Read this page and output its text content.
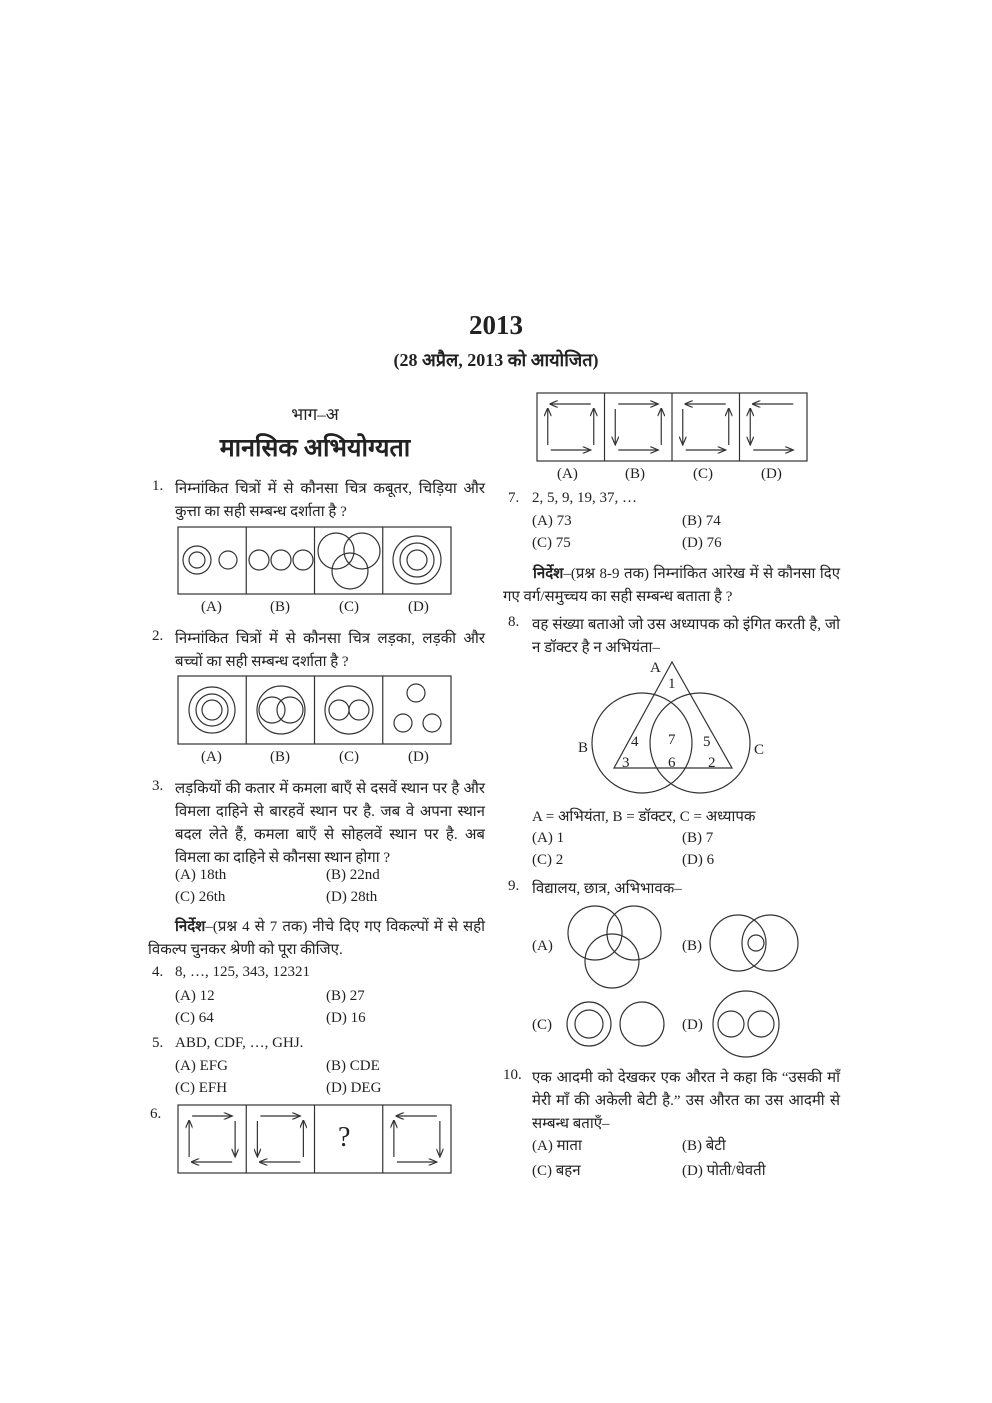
2013
(28 अप्रैल, 2013 को आयोजित)
भाग–अ
मानसिक अभियोग्यता
1. निम्नांकित चित्रों में से कौनसा चित्र कबूतर, चिड़िया और कुत्ता का सही सम्बन्ध दर्शाता है ?
(A)	(B)	(C)	(D)
2. निम्नांकित चित्रों में से कौनसा चित्र लड़का, लड़की और बच्चों का सही सम्बन्ध दर्शाता है ?
(A)	(B)	(C)	(D)
3. लड़कियों की कतार में कमला बाएँ से दसवें स्थान पर है और विमला दाहिने से बारहवें स्थान पर है. जब वे अपना स्थान बदल लेते हैं, कमला बाएँ से सोहलवें स्थान पर है. अब विमला का दाहिने से कौनसा स्थान होगा ?
(A) 18th	(B) 22nd
(C) 26th	(D) 28th
निर्देश–(प्रश्न 4 से 7 तक) नीचे दिए गए विकल्पों में से सही विकल्प चुनकर श्रेणी को पूरा कीजिए.
4. 8, …, 125, 343, 12321
(A) 12	(B) 27
(C) 64	(D) 16
5. ABD, CDF, …, GHJ.
(A) EFG	(B) CDE
(C) EFH	(D) DEG
6.
?
(A)	(B)	(C)	(D)
7. 2, 5, 9, 19, 37, …
(A) 73	(B) 74
(C) 75	(D) 76
निर्देश–(प्रश्न 8-9 तक) निम्नांकित आरेख में से कौनसा दिए गए वर्ग/समुच्चय का सही सम्बन्ध बताता है ?
8. वह संख्या बताओ जो उस अध्यापक को इंगित करती है, जो न डॉक्टर है न अभियंता–
A = अभियंता, B = डॉक्टर, C = अध्यापक
(A) 1	(B) 7
(C) 2	(D) 6
A
B	C
1
4 7 5
3	6 2
9. विद्यालय, छात्र, अभिभावक–
(A)	(B)
(C)	(D)
10. एक आदमी को देखकर एक औरत ने कहा कि “उसकी माँ मेरी माँ की अकेली बेटी है.” उस औरत का उस आदमी से सम्बन्ध बताएँ–
(A) माता	(B) बेटी
(C) बहन	(D) पोती/धेवती
